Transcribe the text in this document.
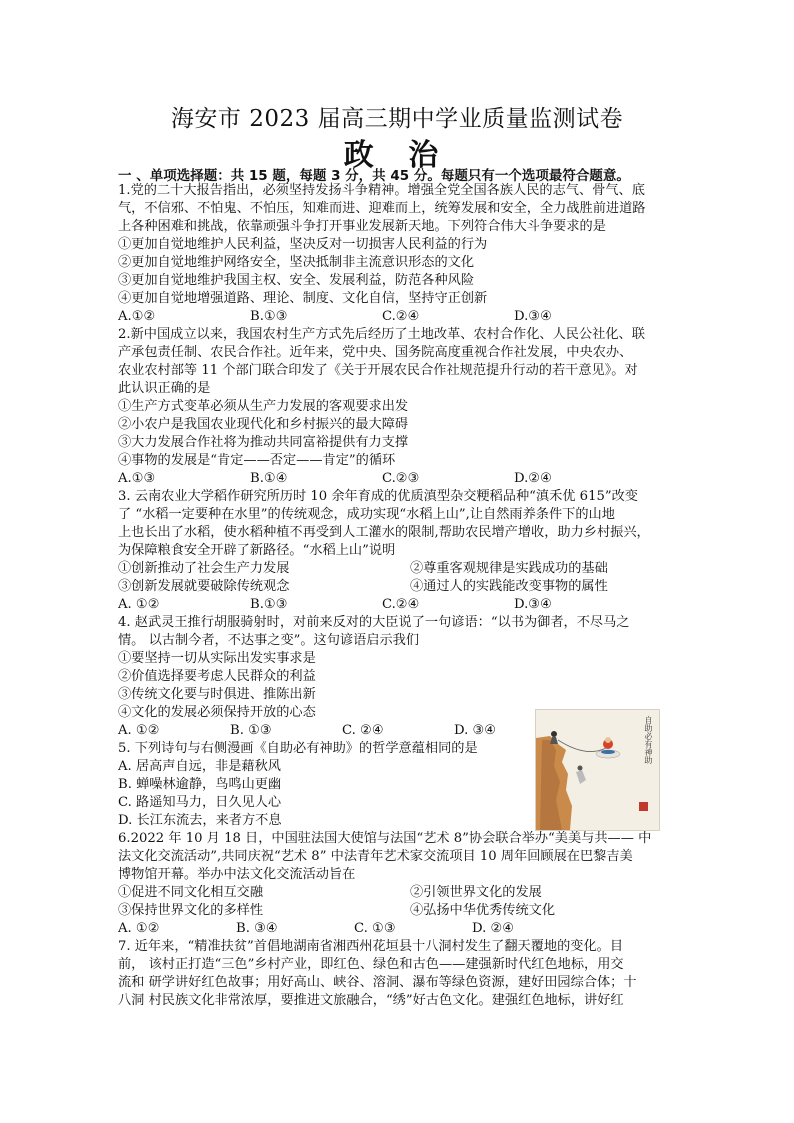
海安市 2023 届高三期中学业质量监测试卷
政 治
一 、单项选择题：共 15 题，每题 3 分，共 45 分。每题只有一个选项最符合题意。

1.党的二十大报告指出，必须坚持发扬斗争精神。增强全党全国各族人民的志气、骨气、底

气，不信邪、不怕鬼、不怕压，知难而进、迎难而上，统筹发展和安全，全力战胜前进道路

上各种困难和挑战，依靠顽强斗争打开事业发展新天地。下列符合伟大斗争要求的是

①更加自觉地维护人民利益，坚决反对一切损害人民利益的行为

②更加自觉地维护网络安全，坚决抵制非主流意识形态的文化

③更加自觉地维护我国主权、安全、发展利益，防范各种风险

④更加自觉地增强道路、理论、制度、文化自信，坚持守正创新

A.①②	B.①③	C.②④	D.③④

2.新中国成立以来，我国农村生产方式先后经历了土地改革、农村合作化、人民公社化、联

产承包责任制、农民合作社。近年来，党中央、国务院高度重视合作社发展，中央农办、

农业农村部等 11 个部门联合印发了《关于开展农民合作社规范提升行动的若干意见》。对

此认识正确的是

①生产方式变革必须从生产力发展的客观要求出发

②小农户是我国农业现代化和乡村振兴的最大障碍

③大力发展合作社将为推动共同富裕提供有力支撑

④事物的发展是“肯定——否定——肯定”的循环

A.①③	B.①④	C.②③	D.②④

3. 云南农业大学稻作研究所历时 10 余年育成的优质滇型杂交粳稻品种“滇禾优 615”改变

了 “水稻一定要种在水里”的传统观念，成功实现“水稻上山”,让自然雨养条件下的山地

上也长出了水稻，使水稻种植不再受到人工灌水的限制,帮助农民增产增收，助力乡村振兴，

为保障粮食安全开辟了新路径。“水稻上山”说明

①创新推动了社会生产力发展	②尊重客观规律是实践成功的基础
③创新发展就要破除传统观念	④通过人的实践能改变事物的属性
A. ①②	B.①③	C.②④	D.③④

4. 赵武灵王推行胡服骑射时，对前来反对的大臣说了一句谚语：“以书为御者，不尽马之

情。 以古制今者，不达事之变”。这句谚语启示我们

①要坚持一切从实际出发实事求是

②价值选择要考虑人民群众的利益

③传统文化要与时俱进、推陈出新

④文化的发展必须保持开放的心态

A. ①②	B. ①③	C. ②④	D. ③④

5. 下列诗句与右侧漫画《自助必有神助》的哲学意蕴相同的是

A. 居高声自远，非是藉秋风

B. 蝉噪林逾静，鸟鸣山更幽

C. 路遥知马力，日久见人心

D. 长江东流去，来者方不息

6.2022 年 10 月 18 日，中国驻法国大使馆与法国“艺术 8”协会联合举办“美美与共—— 中

法文化交流活动”,共同庆祝“艺术 8” 中法青年艺术家交流项目 10 周年回顾展在巴黎吉美

博物馆开幕。举办中法文化交流活动旨在

①促进不同文化相互交融	②引领世界文化的发展
③保持世界文化的多样性	④弘扬中华优秀传统文化
A. ①②	B. ③④	C. ①③	D. ②④

7. 近年来，“精准扶贫”首倡地湖南省湘西州花垣县十八洞村发生了翻天覆地的变化。目

前， 该村正打造“三色”乡村产业，即红色、绿色和古色——建强新时代红色地标，用交

流和 研学讲好红色故事；用好高山、峡谷、溶洞、瀑布等绿色资源，建好田园综合体；十

八洞 村民族文化非常浓厚，要推进文旅融合，“绣”好古色文化。建强红色地标，讲好红

自助必有神助
